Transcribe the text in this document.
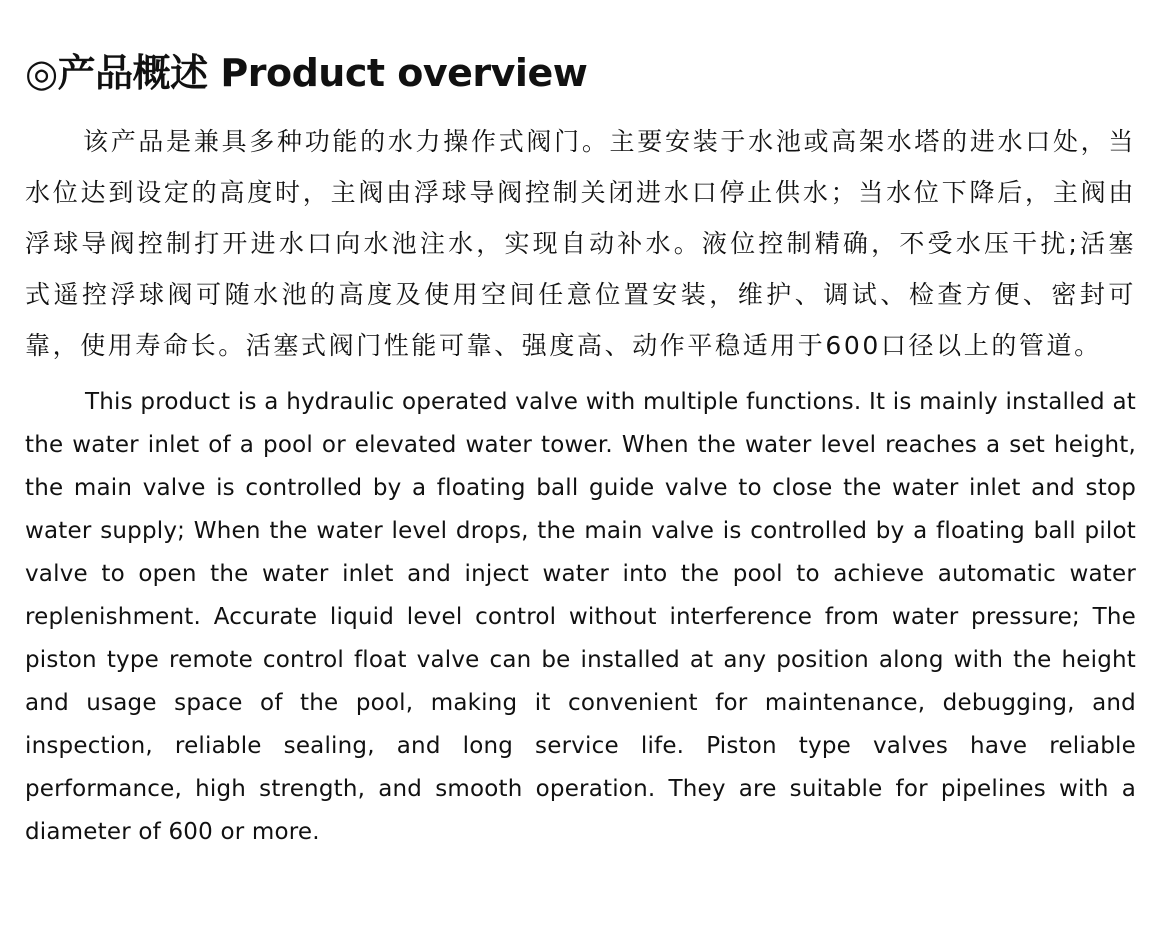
◎产品概述 Product overview

该产品是兼具多种功能的水力操作式阀门。主要安装于水池或高架水塔的进水口处，当水位达到设定的高度时，主阀由浮球导阀控制关闭进水口停止供水；当水位下降后，主阀由浮球导阀控制打开进水口向水池注水，实现自动补水。液位控制精确，不受水压干扰;活塞式遥控浮球阀可随水池的高度及使用空间任意位置安装，维护、调试、检查方便、密封可靠，使用寿命长。活塞式阀门性能可靠、强度高、动作平稳适用于600口径以上的管道。

This product is a hydraulic operated valve with multiple functions. It is mainly installed at the water inlet of a pool or elevated water tower. When the water level reaches a set height, the main valve is controlled by a floating ball guide valve to close the water inlet and stop water supply; When the water level drops, the main valve is controlled by a floating ball pilot valve to open the water inlet and inject water into the pool to achieve automatic water replenishment. Accurate liquid level control without interference from water pressure; The piston type remote control float valve can be installed at any position along with the height and usage space of the pool, making it convenient for maintenance, debugging, and inspection, reliable sealing, and long service life. Piston type valves have reliable performance, high strength, and smooth operation. They are suitable for pipelines with a diameter of 600 or more.
